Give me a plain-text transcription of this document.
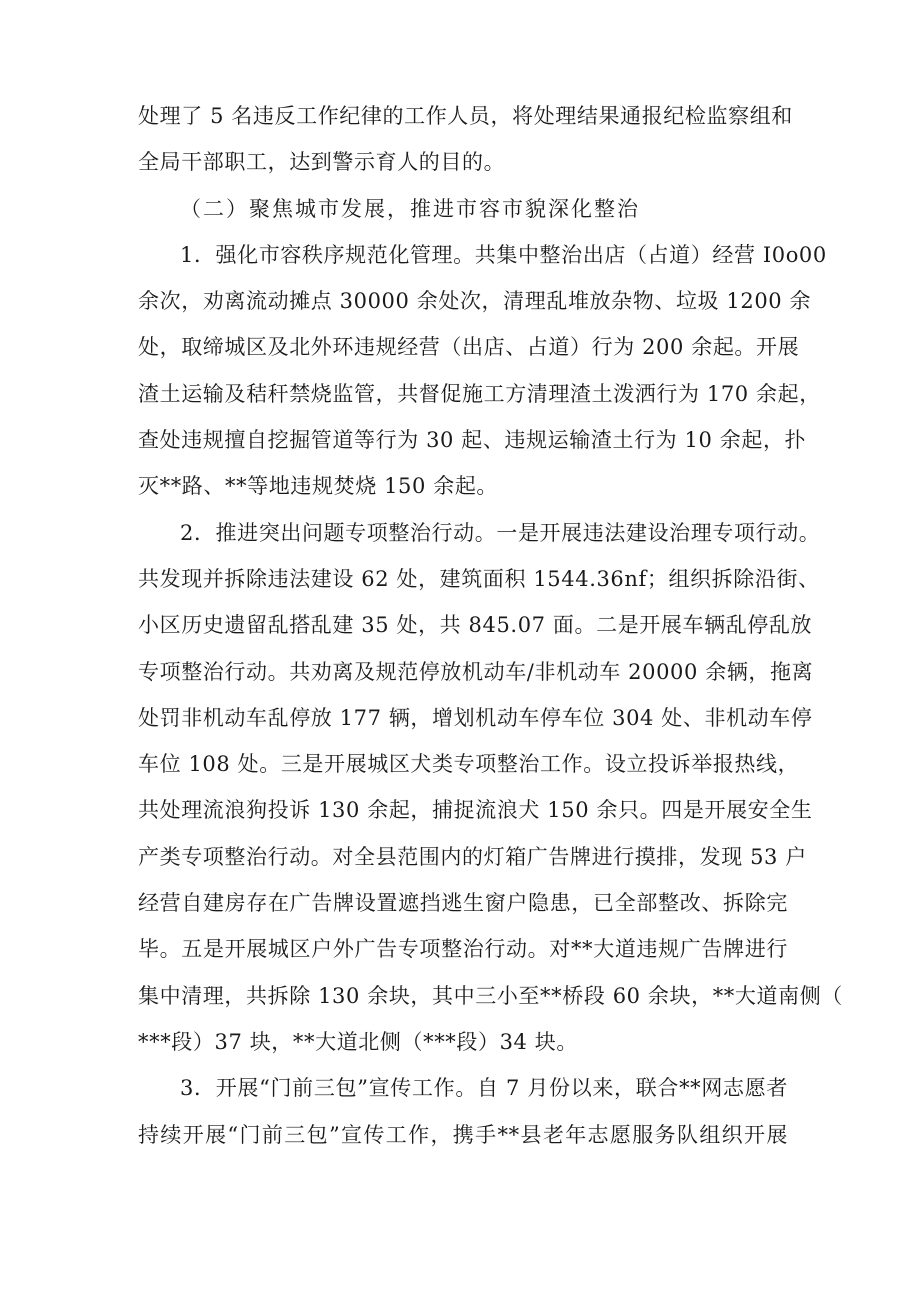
处理了 5 名违反工作纪律的工作人员，将处理结果通报纪检监察组和
全局干部职工，达到警示育人的目的。
（二）聚焦城市发展，推进市容市貌深化整治
1．强化市容秩序规范化管理。共集中整治出店（占道）经营 I0o00
余次，劝离流动摊点 30000 余处次，清理乱堆放杂物、垃圾 1200 余
处，取缔城区及北外环违规经营（出店、占道）行为 200 余起。开展
渣土运输及秸秆禁烧监管，共督促施工方清理渣土泼洒行为 170 余起，
查处违规擅自挖掘管道等行为 30 起、违规运输渣土行为 10 余起，扑
灭**路、**等地违规焚烧 150 余起。
2．推进突出问题专项整治行动。一是开展违法建设治理专项行动。
共发现并拆除违法建设 62 处，建筑面积 1544.36nf；组织拆除沿街、
小区历史遗留乱搭乱建 35 处，共 845.07 面。二是开展车辆乱停乱放
专项整治行动。共劝离及规范停放机动车/非机动车 20000 余辆，拖离
处罚非机动车乱停放 177 辆，增划机动车停车位 304 处、非机动车停
车位 108 处。三是开展城区犬类专项整治工作。设立投诉举报热线，
共处理流浪狗投诉 130 余起，捕捉流浪犬 150 余只。四是开展安全生
产类专项整治行动。对全县范围内的灯箱广告牌进行摸排，发现 53 户
经营自建房存在广告牌设置遮挡逃生窗户隐患，已全部整改、拆除完
毕。五是开展城区户外广告专项整治行动。对**大道违规广告牌进行
集中清理，共拆除 130 余块，其中三小至**桥段 60 余块，**大道南侧（
***段）37 块，**大道北侧（***段）34 块。
3．开展“门前三包”宣传工作。自 7 月份以来，联合**网志愿者
持续开展“门前三包”宣传工作，携手**县老年志愿服务队组织开展
